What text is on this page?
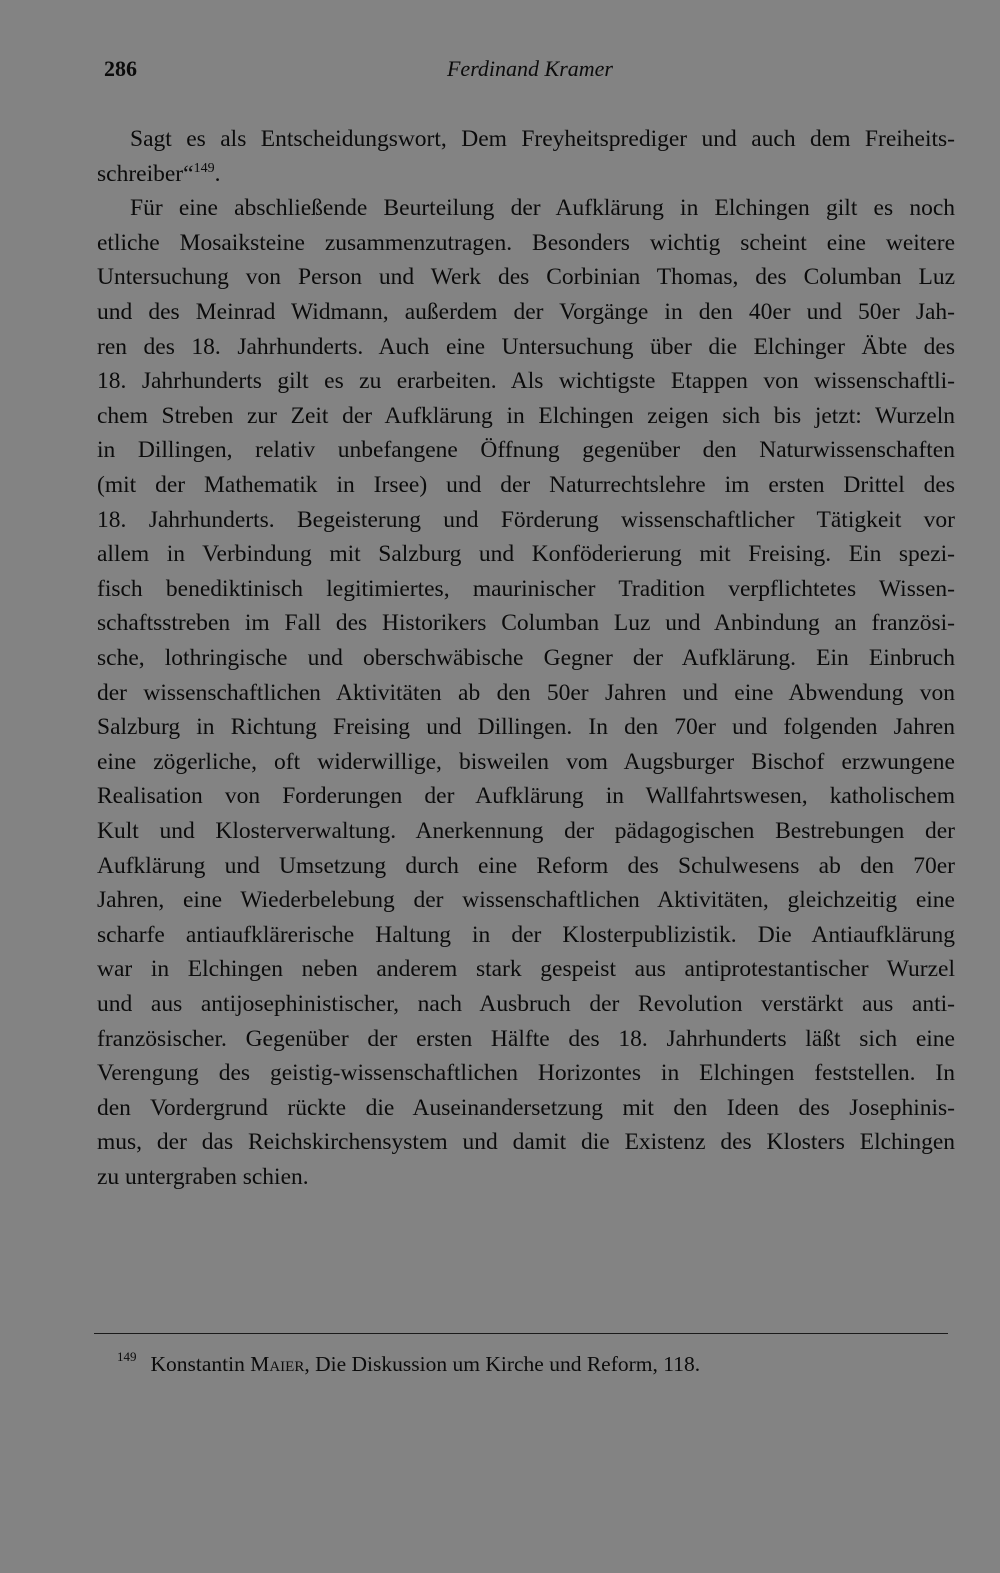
286	Ferdinand Kramer
Sagt es als Entscheidungswort, Dem Freyheitsprediger und auch dem Freiheits-
schreiber“$^{149}$.
Für eine abschließende Beurteilung der Aufklärung in Elchingen gilt es noch
etliche Mosaiksteine zusammenzutragen. Besonders wichtig scheint eine weitere
Untersuchung von Person und Werk des Corbinian Thomas, des Columban Luz
und des Meinrad Widmann, außerdem der Vorgänge in den 40er und 50er Jah-
ren des 18. Jahrhunderts. Auch eine Untersuchung über die Elchinger Äbte des
18. Jahrhunderts gilt es zu erarbeiten. Als wichtigste Etappen von wissenschaftli-
chem Streben zur Zeit der Aufklärung in Elchingen zeigen sich bis jetzt: Wurzeln
in Dillingen, relativ unbefangene Öffnung gegenüber den Naturwissenschaften
(mit der Mathematik in Irsee) und der Naturrechtslehre im ersten Drittel des
18. Jahrhunderts. Begeisterung und Förderung wissenschaftlicher Tätigkeit vor
allem in Verbindung mit Salzburg und Konföderierung mit Freising. Ein spezi-
fisch benediktinisch legitimiertes, maurinischer Tradition verpflichtetes Wissen-
schaftsstreben im Fall des Historikers Columban Luz und Anbindung an französi-
sche, lothringische und oberschwäbische Gegner der Aufklärung. Ein Einbruch
der wissenschaftlichen Aktivitäten ab den 50er Jahren und eine Abwendung von
Salzburg in Richtung Freising und Dillingen. In den 70er und folgenden Jahren
eine zögerliche, oft widerwillige, bisweilen vom Augsburger Bischof erzwungene
Realisation von Forderungen der Aufklärung in Wallfahrtswesen, katholischem
Kult und Klosterverwaltung. Anerkennung der pädagogischen Bestrebungen der
Aufklärung und Umsetzung durch eine Reform des Schulwesens ab den 70er
Jahren, eine Wiederbelebung der wissenschaftlichen Aktivitäten, gleichzeitig eine
scharfe antiaufklärerische Haltung in der Klosterpublizistik. Die Antiaufklärung
war in Elchingen neben anderem stark gespeist aus antiprotestantischer Wurzel
und aus antijosephinistischer, nach Ausbruch der Revolution verstärkt aus anti-
französischer. Gegenüber der ersten Hälfte des 18. Jahrhunderts läßt sich eine
Verengung des geistig-wissenschaftlichen Horizontes in Elchingen feststellen. In
den Vordergrund rückte die Auseinandersetzung mit den Ideen des Josephinis-
mus, der das Reichskirchensystem und damit die Existenz des Klosters Elchingen
zu untergraben schien.
$^{149}$ Konstantin Maier, Die Diskussion um Kirche und Reform, 118.
